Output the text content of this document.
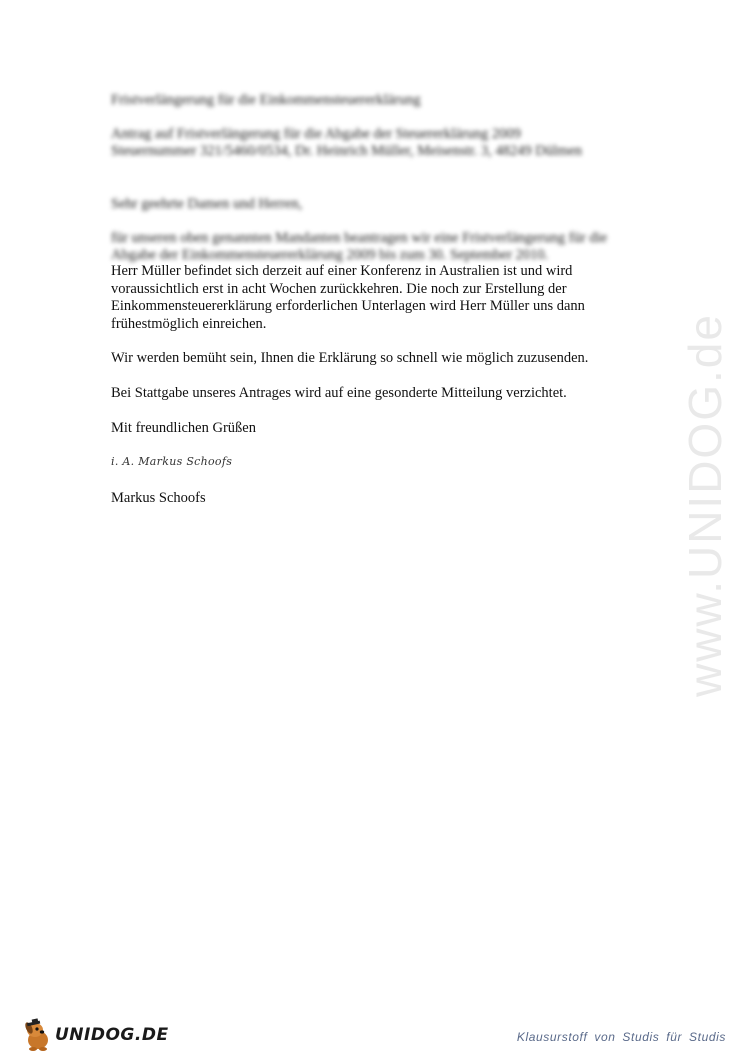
Fristverlängerung für die Einkommensteuererklärung
Antrag auf Fristverlängerung für die Abgabe der Steuererklärung 2009
Steuernummer 321/5460/0534, Dr. Heinrich Müller, Meisenstr. 3, 48249 Dülmen
Sehr geehrte Damen und Herren,
für unseren oben genannten Mandanten beantragen wir eine Fristverlängerung für die
Abgabe der Einkommensteuererklärung 2009 bis zum 30. September 2010.
Herr Müller befindet sich derzeit auf einer Konferenz in Australien ist und wird voraussichtlich erst in acht Wochen zurückkehren. Die noch zur Erstellung der Einkommensteuererklärung erforderlichen Unterlagen wird Herr Müller uns dann frühestmöglich einreichen.
Wir werden bemüht sein, Ihnen die Erklärung so schnell wie möglich zuzusenden.
Bei Stattgabe unseres Antrages wird auf eine gesonderte Mitteilung verzichtet.
Mit freundlichen Grüßen
i. A. Markus Schoofs
Markus Schoofs	www.UNIDOG.de
UNIDOG.DE	Klausurstoff von Studis für Studis
